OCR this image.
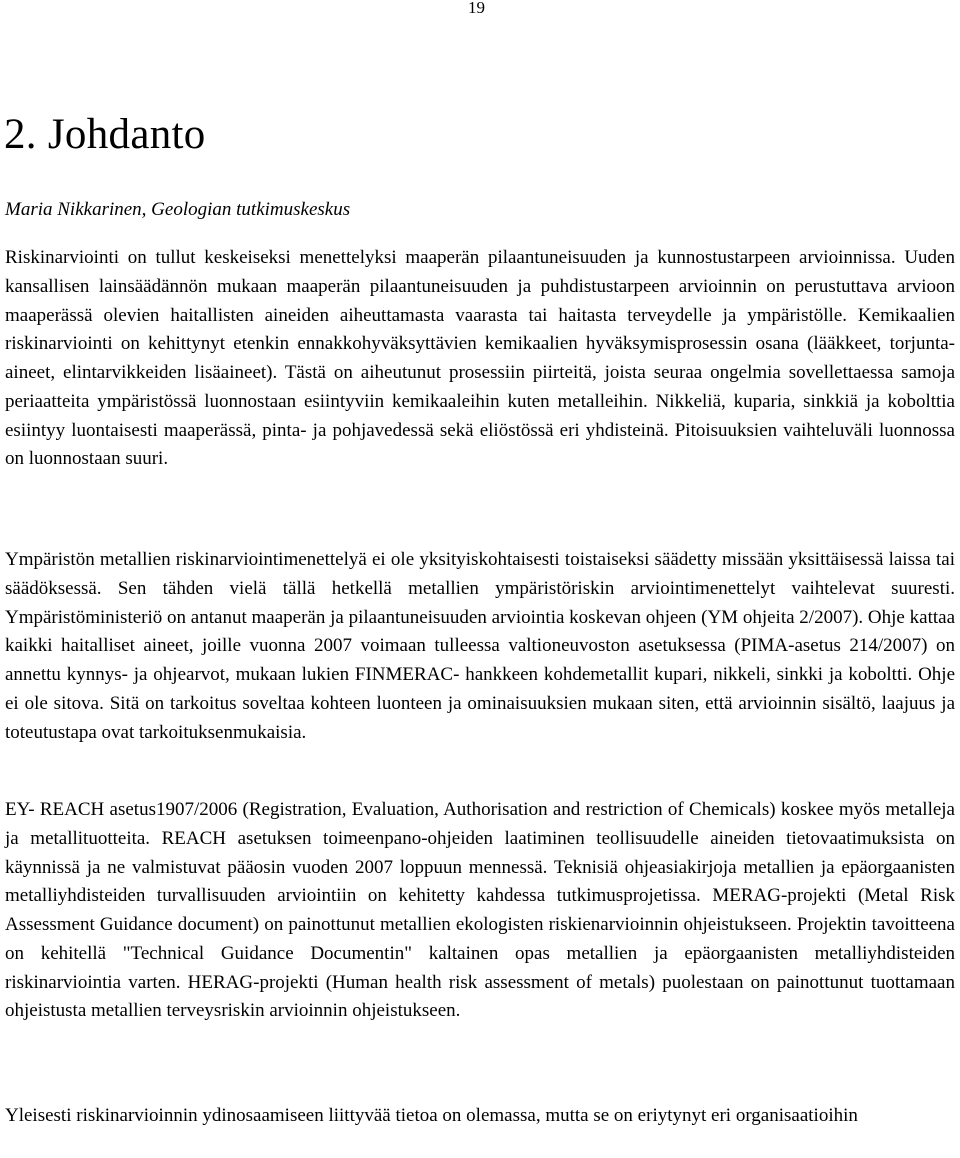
19
2. Johdanto

Maria Nikkarinen, Geologian tutkimuskeskus

Riskinarviointi on tullut keskeiseksi menettelyksi maaperän pilaantuneisuuden ja kunnostustarpeen arvioinnissa. Uuden kansallisen lainsäädännön mukaan maaperän pilaantuneisuuden ja puhdistustarpeen arvioinnin on perustuttava arvioon maaperässä olevien haitallisten aineiden aiheuttamasta vaarasta tai haitasta terveydelle ja ympäristölle. Kemikaalien riskinarviointi on kehittynyt etenkin ennakkohyväksyttävien kemikaalien hyväksymisprosessin osana (lääkkeet, torjunta-aineet, elintarvikkeiden lisäaineet). Tästä on aiheutunut prosessiin piirteitä, joista seuraa ongelmia sovellettaessa samoja periaatteita ympäristössä luonnostaan esiintyviin kemikaaleihin kuten metalleihin. Nikkeliä, kuparia, sinkkiä ja kobolttia esiintyy luontaisesti maaperässä, pinta- ja pohjavedessä sekä eliöstössä eri yhdisteinä. Pitoisuuksien vaihteluväli luonnossa on luonnostaan suuri.

Ympäristön metallien riskinarviointimenettelyä ei ole yksityiskohtaisesti toistaiseksi säädetty missään yksittäisessä laissa tai säädöksessä. Sen tähden vielä tällä hetkellä metallien ympäristöriskin arviointimenettelyt vaihtelevat suuresti. Ympäristöministeriö on antanut maaperän ja pilaantuneisuuden arviointia koskevan ohjeen (YM ohjeita 2/2007). Ohje kattaa kaikki haitalliset aineet, joille vuonna 2007 voimaan tulleessa valtioneuvoston asetuksessa (PIMA-asetus 214/2007) on annettu kynnys- ja ohjearvot, mukaan lukien FINMERAC- hankkeen kohdemetallit kupari, nikkeli, sinkki ja koboltti. Ohje ei ole sitova. Sitä on tarkoitus soveltaa kohteen luonteen ja ominaisuuksien mukaan siten, että arvioinnin sisältö, laajuus ja toteutustapa ovat tarkoituksenmukaisia.

EY- REACH asetus1907/2006 (Registration, Evaluation, Authorisation and restriction of Chemicals) koskee myös metalleja ja metallituotteita. REACH asetuksen toimeenpano-ohjeiden laatiminen teollisuudelle aineiden tietovaatimuksista on käynnissä ja ne valmistuvat pääosin vuoden 2007 loppuun mennessä. Teknisiä ohjeasiakirjoja metallien ja epäorgaanisten metalliyhdisteiden turvallisuuden arviointiin on kehitetty kahdessa tutkimusprojetissa. MERAG-projekti (Metal Risk Assessment Guidance document) on painottunut metallien ekologisten riskienarvioinnin ohjeistukseen. Projektin tavoitteena on kehitellä "Technical Guidance Documentin" kaltainen opas metallien ja epäorgaanisten metalliyhdisteiden riskinarviointia varten. HERAG-projekti (Human health risk assessment of metals) puolestaan on painottunut tuottamaan ohjeistusta metallien terveysriskin arvioinnin ohjeistukseen.

Yleisesti riskinarvioinnin ydinosaamiseen liittyvää tietoa on olemassa, mutta se on eriytynyt eri organisaatioihin
